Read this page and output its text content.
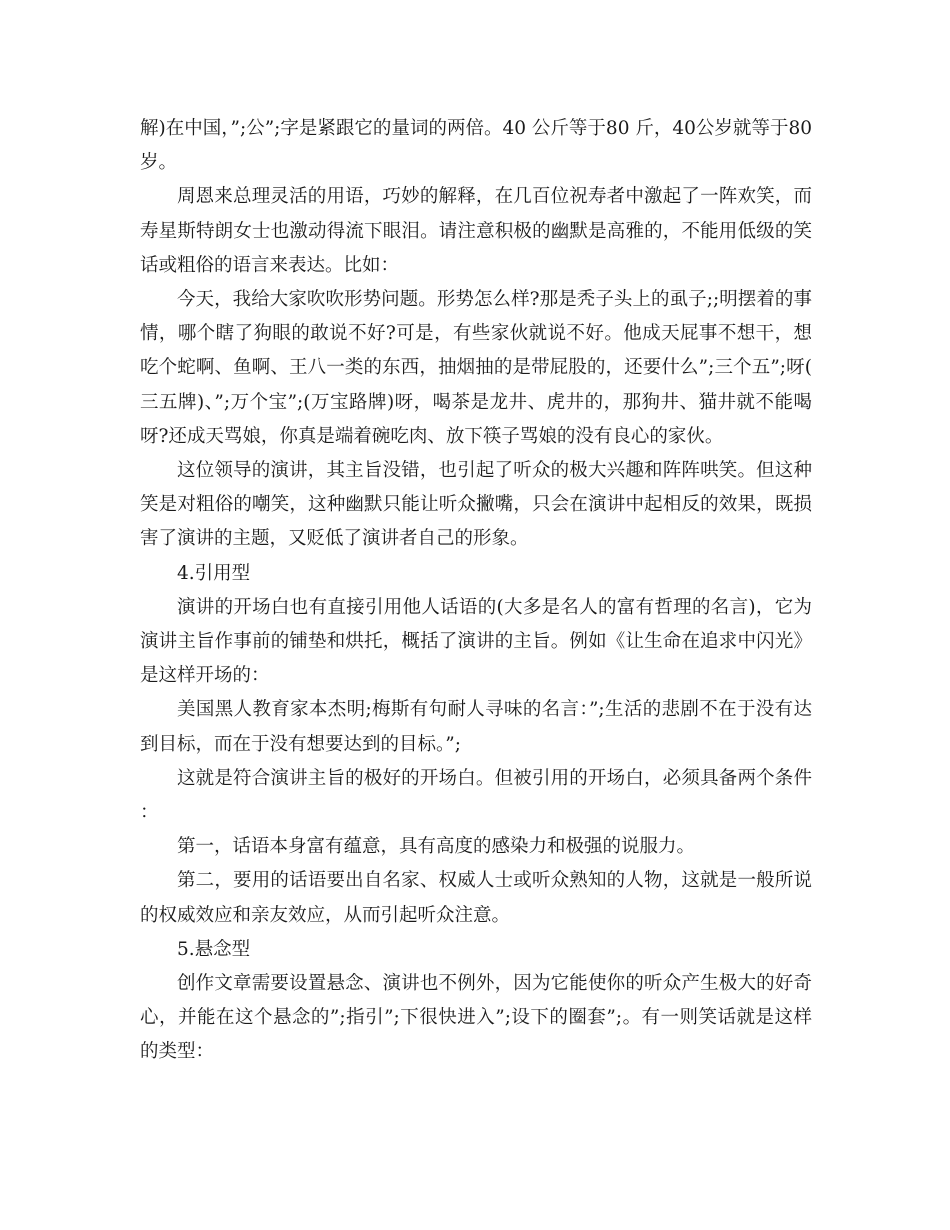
解)在中国，”;公”;字是紧跟它的量词的两倍。40 公斤等于80 斤，40公岁就等于80 岁。

周恩来总理灵活的用语，巧妙的解释，在几百位祝寿者中激起了一阵欢笑，而寿星斯特朗女士也激动得流下眼泪。请注意积极的幽默是高雅的，不能用低级的笑话或粗俗的语言来表达。比如：

今天，我给大家吹吹形势问题。形势怎么样?那是秃子头上的虱子;;明摆着的事情，哪个瞎了狗眼的敢说不好?可是，有些家伙就说不好。他成天屁事不想干，想吃个蛇啊、鱼啊、王八一类的东西，抽烟抽的是带屁股的，还要什么”;三个五”;呀(三五牌)、”;万个宝”;(万宝路牌)呀，喝茶是龙井、虎井的，那狗井、猫井就不能喝呀?还成天骂娘，你真是端着碗吃肉、放下筷子骂娘的没有良心的家伙。

这位领导的演讲，其主旨没错，也引起了听众的极大兴趣和阵阵哄笑。但这种笑是对粗俗的嘲笑，这种幽默只能让听众撇嘴，只会在演讲中起相反的效果，既损害了演讲的主题，又贬低了演讲者自己的形象。

4.引用型

演讲的开场白也有直接引用他人话语的(大多是名人的富有哲理的名言)，它为演讲主旨作事前的铺垫和烘托，概括了演讲的主旨。例如《让生命在追求中闪光》是这样开场的：

美国黑人教育家本杰明;梅斯有句耐人寻味的名言：”;生活的悲剧不在于没有达到目标，而在于没有想要达到的目标。”;

这就是符合演讲主旨的极好的开场白。但被引用的开场白，必须具备两个条件：

第一，话语本身富有蕴意，具有高度的感染力和极强的说服力。

第二，要用的话语要出自名家、权威人士或听众熟知的人物，这就是一般所说的权威效应和亲友效应，从而引起听众注意。

5.悬念型

创作文章需要设置悬念、演讲也不例外，因为它能使你的听众产生极大的好奇心，并能在这个悬念的”;指引”;下很快进入”;设下的圈套”;。有一则笑话就是这样的类型：
